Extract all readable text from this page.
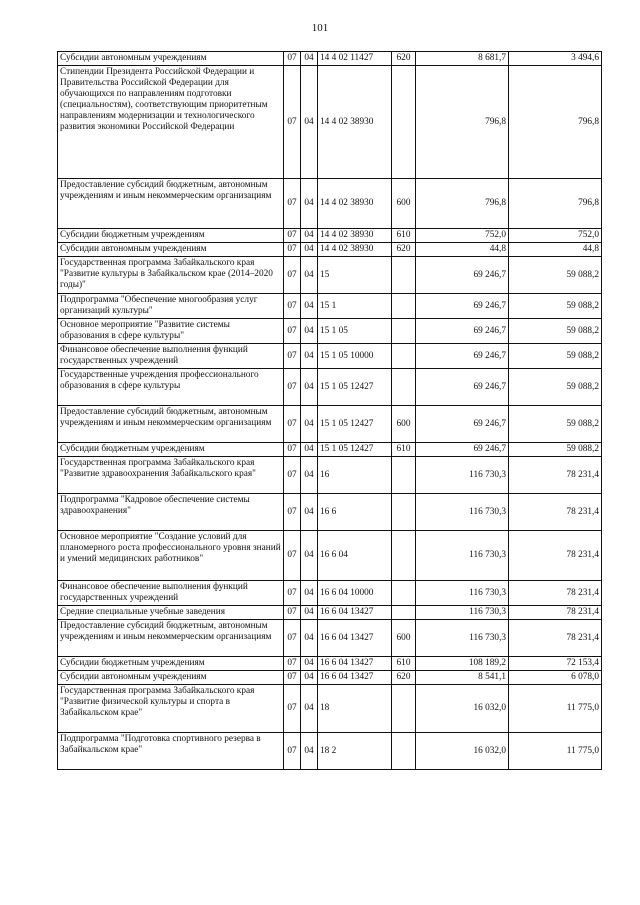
101
Субсидии автономным учреждениям	07	04	14 4 02 11427	620	8 681,7	3 494,6
Стипендии Президента Российской Федерации и Правительства Российской Федерации для обучающихся по направлениям подготовки (специальностям), соответствующим приоритетным направлениям модернизации и технологического развития экономики Российской Федерации	07	04	14 4 02 38930		796,8	796,8
Предоставление субсидий бюджетным, автономным учреждениям и иным некоммерческим организациям	07	04	14 4 02 38930	600	796,8	796,8
Субсидии бюджетным учреждениям	07	04	14 4 02 38930	610	752,0	752,0
Субсидии автономным учреждениям	07	04	14 4 02 38930	620	44,8	44,8
Государственная программа Забайкальского края "Развитие культуры в Забайкальском крае (2014–2020 годы)"	07	04	15		69 246,7	59 088,2
Подпрограмма "Обеспечение многообразия услуг организаций культуры"	07	04	15 1		69 246,7	59 088,2
Основное мероприятие "Развитие системы образования в сфере культуры"	07	04	15 1 05		69 246,7	59 088,2
Финансовое обеспечение выполнения функций государственных учреждений	07	04	15 1 05 10000		69 246,7	59 088,2
Государственные учреждения профессионального образования в сфере культуры	07	04	15 1 05 12427		69 246,7	59 088,2
Предоставление субсидий бюджетным, автономным учреждениям и иным некоммерческим организациям	07	04	15 1 05 12427	600	69 246,7	59 088,2
Субсидии бюджетным учреждениям	07	04	15 1 05 12427	610	69 246,7	59 088,2
Государственная программа Забайкальского края "Развитие здравоохранения Забайкальского края"	07	04	16		116 730,3	78 231,4
Подпрограмма "Кадровое обеспечение системы здравоохранения"	07	04	16 6		116 730,3	78 231,4
Основное мероприятие "Создание условий для планомерного роста профессионального уровня знаний и умений медицинских работников"	07	04	16 6 04		116 730,3	78 231,4
Финансовое обеспечение выполнения функций государственных учреждений	07	04	16 6 04 10000		116 730,3	78 231,4
Средние специальные учебные заведения	07	04	16 6 04 13427		116 730,3	78 231,4
Предоставление субсидий бюджетным, автономным учреждениям и иным некоммерческим организациям	07	04	16 6 04 13427	600	116 730,3	78 231,4
Субсидии бюджетным учреждениям	07	04	16 6 04 13427	610	108 189,2	72 153,4
Субсидии автономным учреждениям	07	04	16 6 04 13427	620	8 541,1	6 078,0
Государственная программа Забайкальского края "Развитие физической культуры и спорта в Забайкальском крае"	07	04	18		16 032,0	11 775,0
Подпрограмма "Подготовка спортивного резерва в Забайкальском крае"	07	04	18 2		16 032,0	11 775,0
